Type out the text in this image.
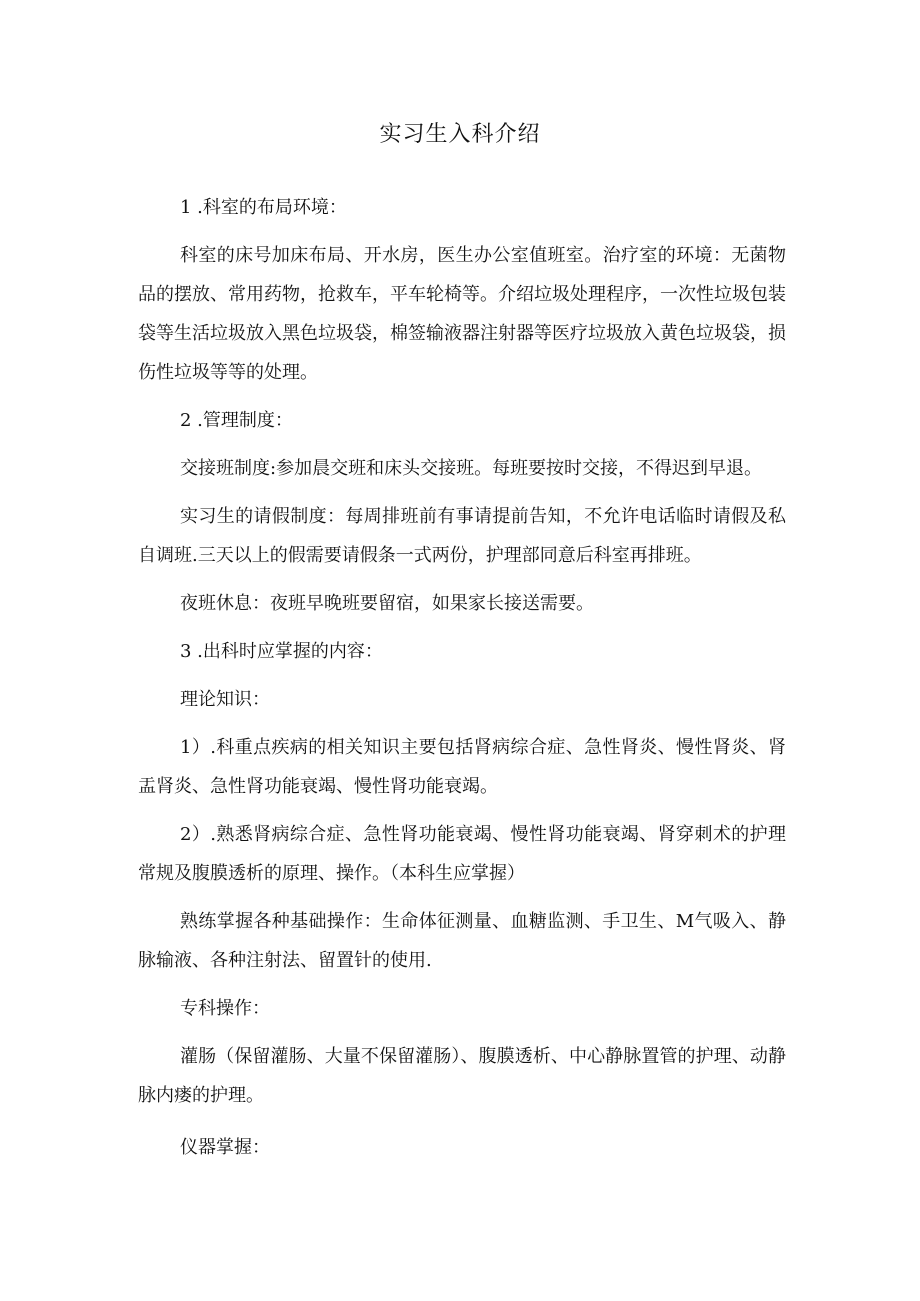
实习生入科介绍

1 .科室的布局环境：

科室的床号加床布局、开水房，医生办公室值班室。治疗室的环境：无菌物品的摆放、常用药物，抢救车，平车轮椅等。介绍垃圾处理程序，一次性垃圾包装袋等生活垃圾放入黑色垃圾袋，棉签输液器注射器等医疗垃圾放入黄色垃圾袋，损伤性垃圾等等的处理。

2 .管理制度：

交接班制度:参加晨交班和床头交接班。每班要按时交接，不得迟到早退。

实习生的请假制度：每周排班前有事请提前告知，不允许电话临时请假及私自调班.三天以上的假需要请假条一式两份，护理部同意后科室再排班。

夜班休息：夜班早晚班要留宿，如果家长接送需要。

3 .出科时应掌握的内容：

理论知识：

1）.科重点疾病的相关知识主要包括肾病综合症、急性肾炎、慢性肾炎、肾盂肾炎、急性肾功能衰竭、慢性肾功能衰竭。

2）.熟悉肾病综合症、急性肾功能衰竭、慢性肾功能衰竭、肾穿刺术的护理常规及腹膜透析的原理、操作。（本科生应掌握）

熟练掌握各种基础操作：生命体征测量、血糖监测、手卫生、M气吸入、静脉输液、各种注射法、留置针的使用.

专科操作：

灌肠（保留灌肠、大量不保留灌肠）、腹膜透析、中心静脉置管的护理、动静脉内瘘的护理。

仪器掌握：
